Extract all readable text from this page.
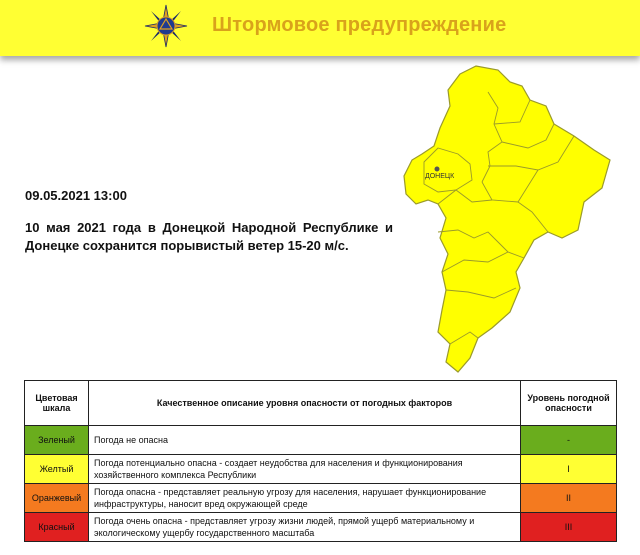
Штормовое предупреждение
09.05.2021 13:00
10 мая 2021 года в Донецкой Народной Республике и Донецке сохранится порывистый ветер 15-20 м/с.
ДОНЕЦК
Цветовая шкала	Качественное описание уровня опасности от погодных факторов	Уровень погодной опасности
Зеленый	Погода не опасна	-
Желтый	Погода потенциально опасна - создает неудобства для населения и функционирования хозяйственного комплекса Республики	I
Оранжевый	Погода опасна - представляет реальную угрозу для населения, нарушает функционирование инфраструктуры, наносит вред окружающей среде	II
Красный	Погода очень опасна - представляет угрозу жизни людей, прямой ущерб материальному и экологическому ущербу государственного масштаба	III
